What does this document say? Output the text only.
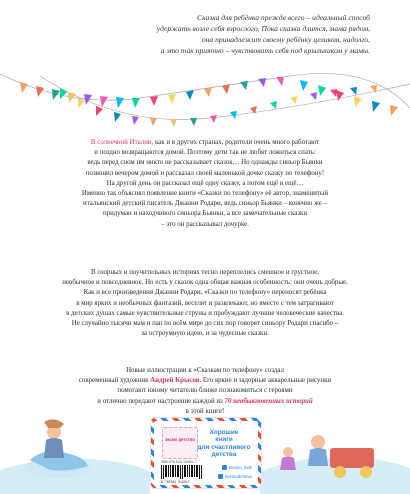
Сказка для ребёнка прежде всего – идеальный способ
удержать возле себя взрослого. Пока сказка длится, мама рядом,
она принадлежит своему ребёнку целиком, надолго,
а это так приятно – чувствовать себя под крылышком у мамы.
В солнечной Италии, как и в других странах, родители очень много работают
и поздно возвращаются домой. Поэтому дети так не любят ложиться спать:
ведь перед сном им никто не рассказывает сказок… Но однажды синьор Бьянки
позвонил вечером домой и рассказал своей маленькой дочке сказку по телефону!
На другой день он рассказал ещё одну сказку, а потом ещё и ещё…
Именно так объяснял появление книги «Сказки по телефону» её автор, знаменитый
итальянский детский писатель Джанни Родари, ведь синьор Бьянки – конечно же –
придуман и находчивого синьора Бьянки, а все замечательные сказки
– это он рассказывал дочурке.
В озорных и поучительных историях тесно переплелись смешное и грустное,
необычное и повседневное. Но есть у сказок одна общая важная особенность: они очень добрые.
Как и все произведения Джанни Родари, «Сказки по телефону» переносят ребёнка
в мир ярких и необычных фантазий, веселят и развлекают, но вместе с тем затрагивают
в детских душах самые чувствительные струны и пробуждают лучшие человеческие качества.
Не случайно тысячи мам и пап по всём мире до сих пор говорят синьору Родари спасибо –
за остроумную идею, и за чудесные сказки.
Новые иллюстрации к «Сказкам по телефону» создал
современный художник Андрей Крысов. Его яркие и задорные акварельные рисунки
помогают юному читателю ближе познакомиться с героями
и отлично передают настроение каждой из 70 необыкновенных историй
в этой книге!
эксмо детство
Хорошие
книги
для счастливого
детства
ISBN 978-5-04-101901-7
9 785041 019017
eksmo_kids
eksmodetstvo
